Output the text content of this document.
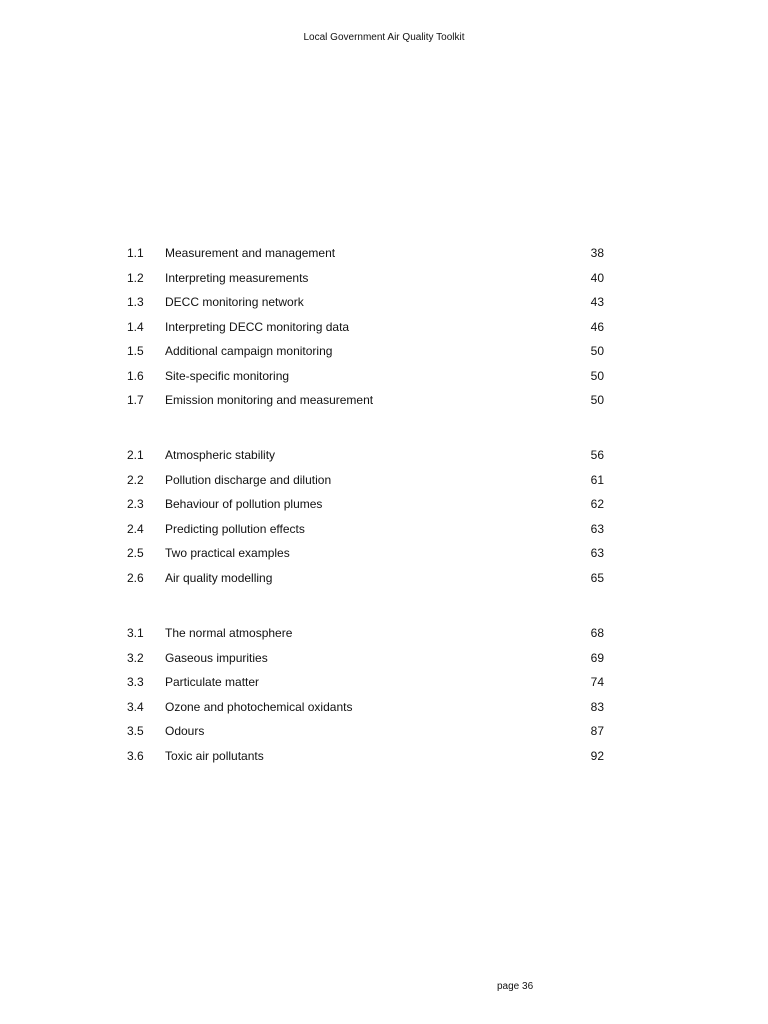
Local Government Air Quality Toolkit
1.1 Measurement and management	38
1.2 Interpreting measurements	40
1.3 DECC monitoring network	43
1.4 Interpreting DECC monitoring data	46
1.5 Additional campaign monitoring	50
1.6 Site-specific monitoring	50
1.7 Emission monitoring and measurement	50
2.1 Atmospheric stability	56
2.2 Pollution discharge and dilution	61
2.3 Behaviour of pollution plumes	62
2.4 Predicting pollution effects	63
2.5 Two practical examples	63
2.6 Air quality modelling	65
3.1 The normal atmosphere	68
3.2 Gaseous impurities	69
3.3 Particulate matter	74
3.4 Ozone and photochemical oxidants	83
3.5 Odours	87
3.6 Toxic air pollutants	92
page 36
